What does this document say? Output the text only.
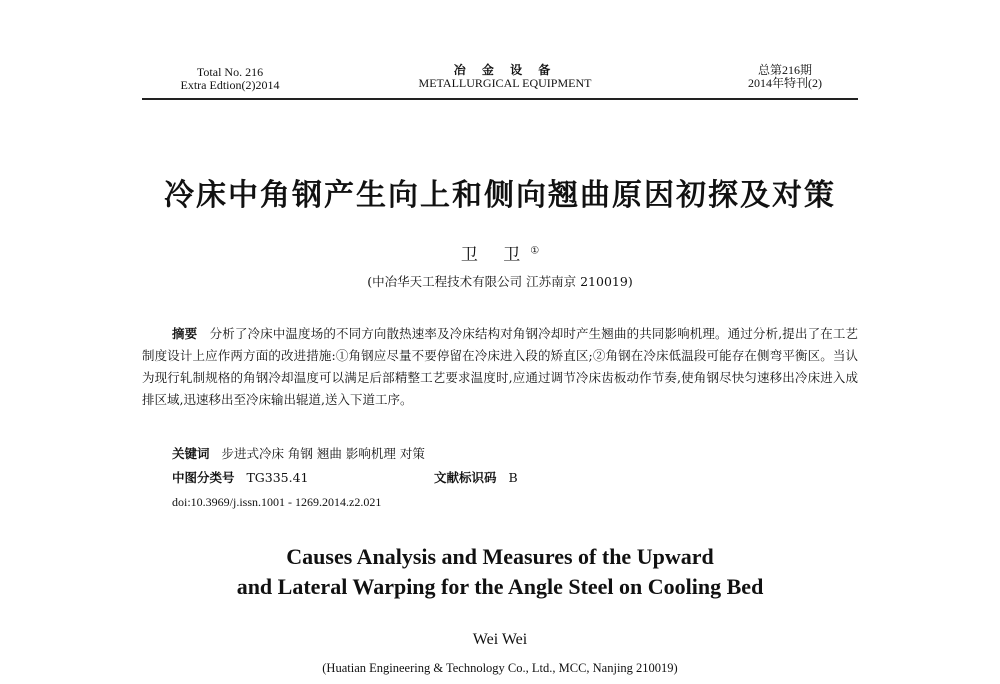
Total No. 216
Extra Edtion(2)2014
冶 金 设 备
METALLURGICAL EQUIPMENT
总第216期
2014年特刊(2)
冷床中角钢产生向上和侧向翘曲原因初探及对策
卫 卫①
(中冶华天工程技术有限公司 江苏南京 210019)
摘要 分析了冷床中温度场的不同方向散热速率及冷床结构对角钢冷却时产生翘曲的共同影响机理。通过分析,提出了在工艺制度设计上应作两方面的改进措施:①角钢应尽量不要停留在冷床进入段的矫直区;②角钢在冷床低温段可能存在侧弯平衡区。当认为现行轧制规格的角钢冷却温度可以满足后部精整工艺要求温度时,应通过调节冷床齿板动作节奏,使角钢尽快匀速移出冷床进入成排区域,迅速移出至冷床输出辊道,送入下道工序。
关键词 步进式冷床 角钢 翘曲 影响机理 对策
中图分类号 TG335.41	文献标识码 B
doi:10.3969/j.issn.1001 - 1269.2014.z2.021
Causes Analysis and Measures of the Upward
and Lateral Warping for the Angle Steel on Cooling Bed
Wei Wei
(Huatian Engineering & Technology Co., Ltd., MCC, Nanjing 210019)
